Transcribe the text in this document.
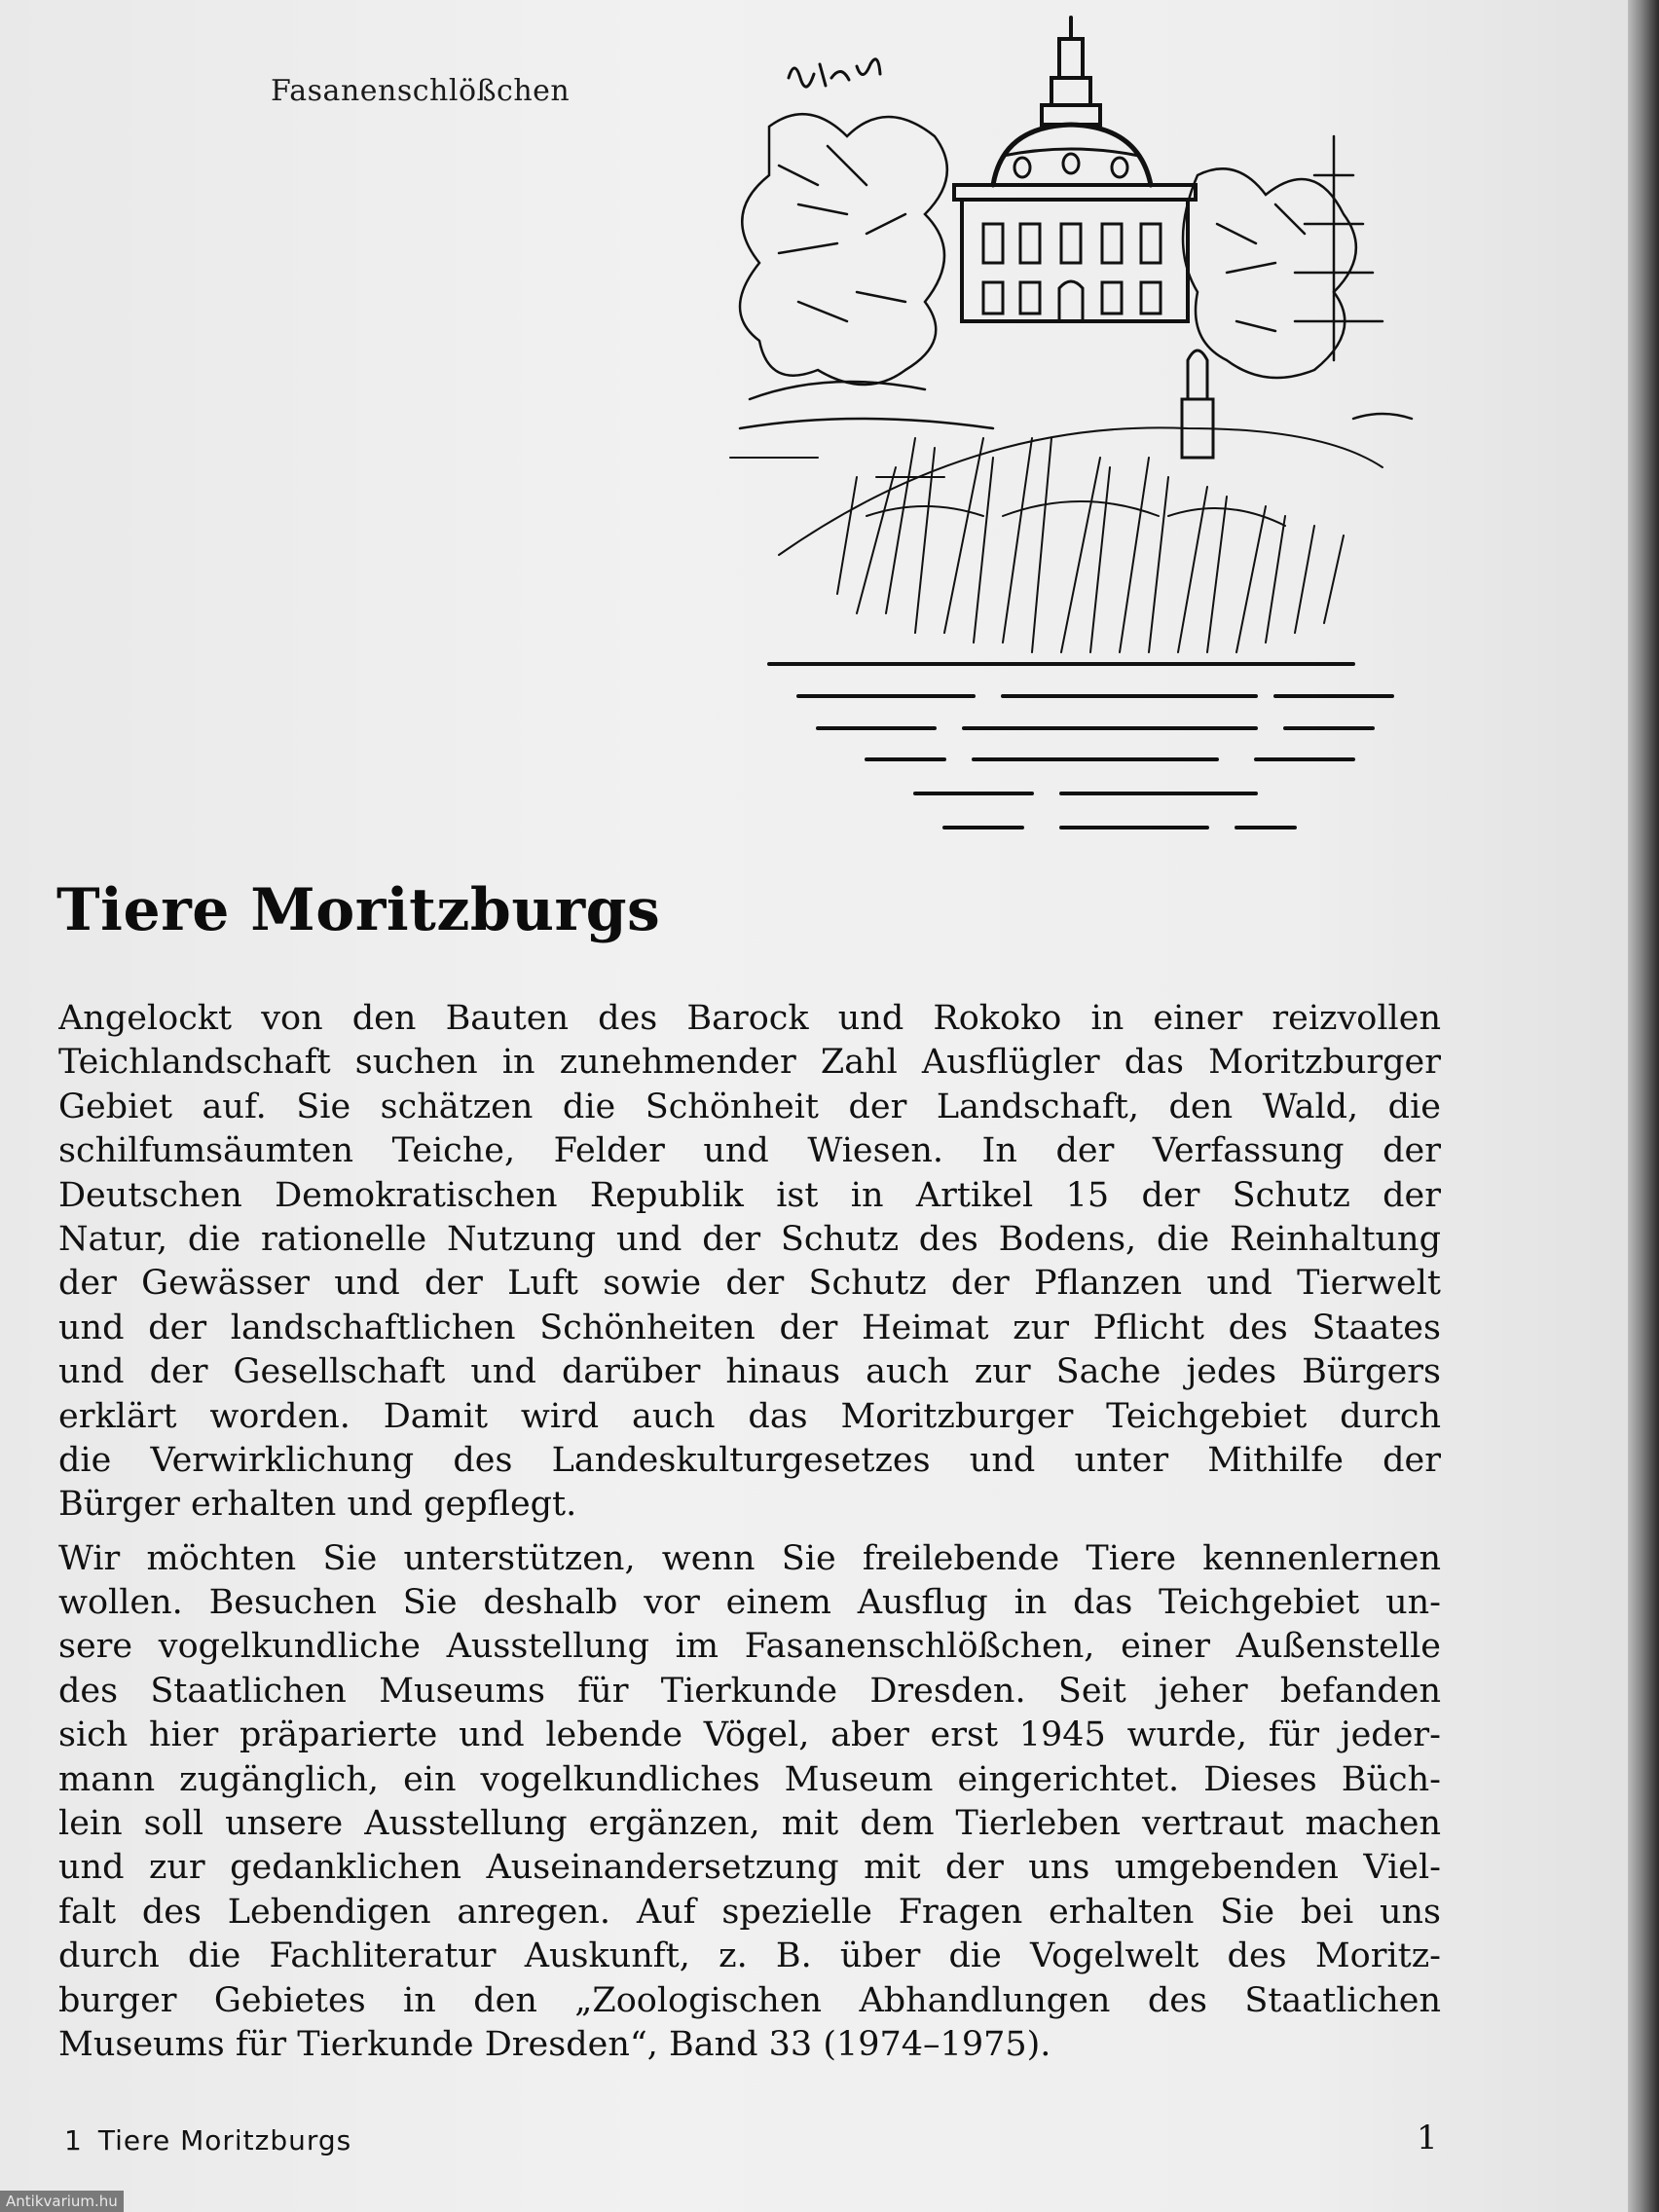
Fasanenschlößchen
Tiere Moritzburgs

Angelockt von den Bauten des Barock und Rokoko in einer reizvollen
Teichlandschaft suchen in zunehmender Zahl Ausflügler das Moritzburger
Gebiet auf. Sie schätzen die Schönheit der Landschaft, den Wald, die
schilfumsäumten Teiche, Felder und Wiesen. In der Verfassung der
Deutschen Demokratischen Republik ist in Artikel 15 der Schutz der
Natur, die rationelle Nutzung und der Schutz des Bodens, die Reinhaltung
der Gewässer und der Luft sowie der Schutz der Pflanzen und Tierwelt
und der landschaftlichen Schönheiten der Heimat zur Pflicht des Staates
und der Gesellschaft und darüber hinaus auch zur Sache jedes Bürgers
erklärt worden. Damit wird auch das Moritzburger Teichgebiet durch
die Verwirklichung des Landeskulturgesetzes und unter Mithilfe der
Bürger erhalten und gepflegt.

Wir möchten Sie unterstützen, wenn Sie freilebende Tiere kennenlernen
wollen. Besuchen Sie deshalb vor einem Ausflug in das Teichgebiet un-
sere vogelkundliche Ausstellung im Fasanenschlößchen, einer Außenstelle
des Staatlichen Museums für Tierkunde Dresden. Seit jeher befanden
sich hier präparierte und lebende Vögel, aber erst 1945 wurde, für jeder-
mann zugänglich, ein vogelkundliches Museum eingerichtet. Dieses Büch-
lein soll unsere Ausstellung ergänzen, mit dem Tierleben vertraut machen
und zur gedanklichen Auseinandersetzung mit der uns umgebenden Viel-
falt des Lebendigen anregen. Auf spezielle Fragen erhalten Sie bei uns
durch die Fachliteratur Auskunft, z. B. über die Vogelwelt des Moritz-
burger Gebietes in den „Zoologischen Abhandlungen des Staatlichen
Museums für Tierkunde Dresden“, Band 33 (1974–1975).

1 Tiere Moritzburgs	1
Antikvarium.hu
